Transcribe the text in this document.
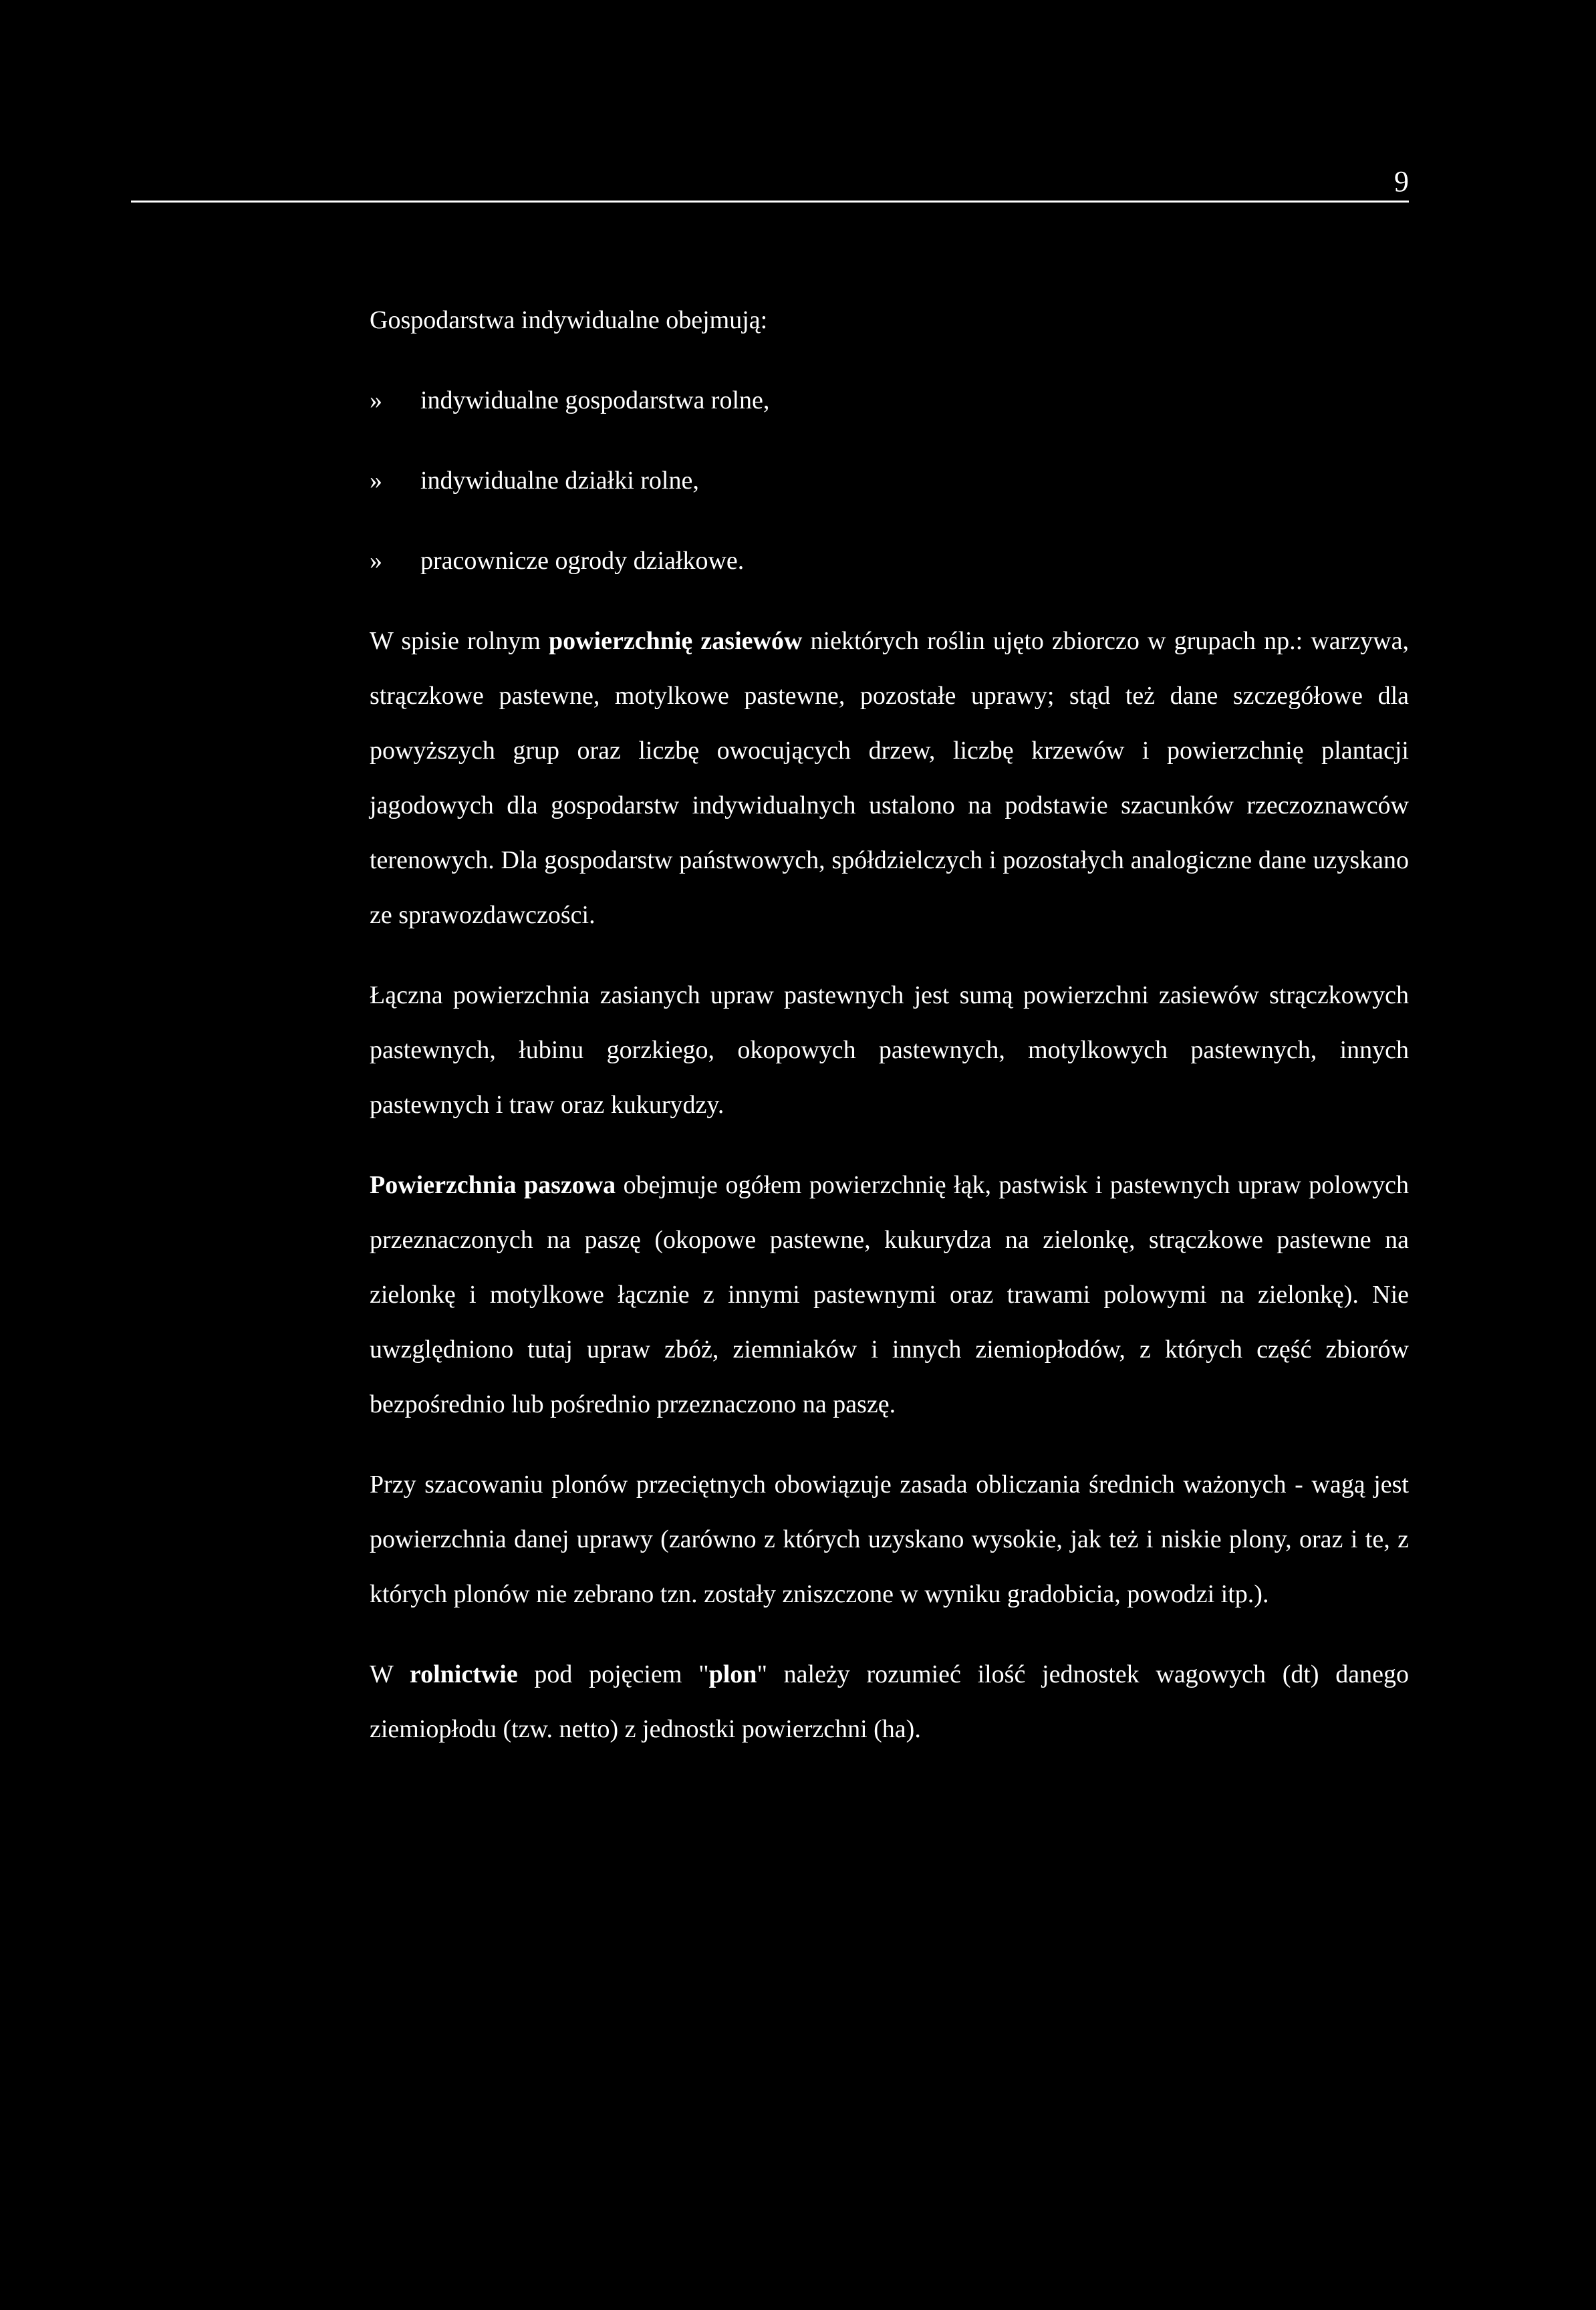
9
Gospodarstwa indywidualne obejmują:
»	indywidualne gospodarstwa rolne,
»	indywidualne działki rolne,
»	pracownicze ogrody działkowe.

W spisie rolnym powierzchnię zasiewów niektórych roślin ujęto zbiorczo w grupach np.: warzywa, strączkowe pastewne, motylkowe pastewne, pozostałe uprawy; stąd też dane szczegółowe dla powyższych grup oraz liczbę owocujących drzew, liczbę krzewów i powierzchnię plantacji jagodowych dla gospodarstw indywidualnych ustalono na podstawie szacunków rzeczoznawców terenowych. Dla gospodarstw państwowych, spółdzielczych i pozostałych analogiczne dane uzyskano ze sprawozdawczości.

Łączna powierzchnia zasianych upraw pastewnych jest sumą powierzchni zasiewów strączkowych pastewnych, łubinu gorzkiego, okopowych pastewnych, motylkowych pastewnych, innych pastewnych i traw oraz kukurydzy.

Powierzchnia paszowa obejmuje ogółem powierzchnię łąk, pastwisk i pastewnych upraw polowych przeznaczonych na paszę (okopowe pastewne, kukurydza na zielonkę, strączkowe pastewne na zielonkę i motylkowe łącznie z innymi pastewnymi oraz trawami polowymi na zielonkę). Nie uwzględniono tutaj upraw zbóż, ziemniaków i innych ziemiopłodów, z których część zbiorów bezpośrednio lub pośrednio przeznaczono na paszę.

Przy szacowaniu plonów przeciętnych obowiązuje zasada obliczania średnich ważonych - wagą jest powierzchnia danej uprawy (zarówno z których uzyskano wysokie, jak też i niskie plony, oraz i te, z których plonów nie zebrano tzn. zostały zniszczone w wyniku gradobicia, powodzi itp.).

W rolnictwie pod pojęciem "plon" należy rozumieć ilość jednostek wagowych (dt) danego ziemiopłodu (tzw. netto) z jednostki powierzchni (ha).
